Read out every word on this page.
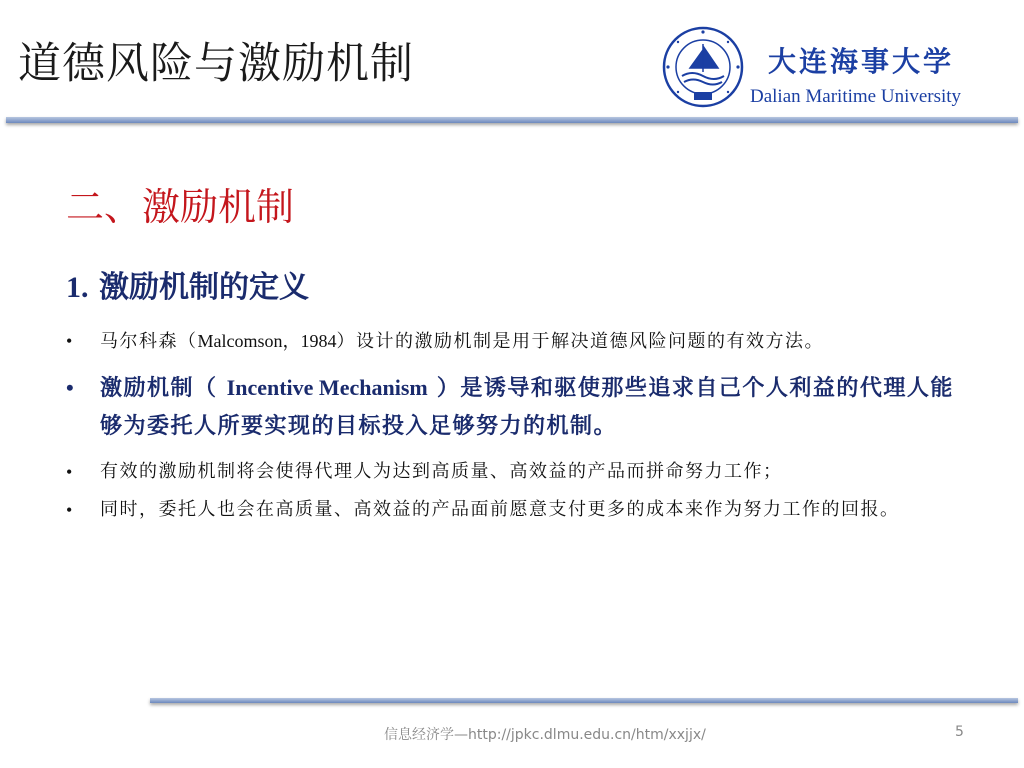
道德风险与激励机制	大连海事大学
Dalian Maritime University
二、激励机制
1. 激励机制的定义
• 马尔科森（Malcomson，1984）设计的激励机制是用于解决道德风险问题的有效方法。
• 激励机制（ Incentive Mechanism ）是诱导和驱使那些追求自己个人利益的代理人能够为委托人所要实现的目标投入足够努力的机制。
• 有效的激励机制将会使得代理人为达到高质量、高效益的产品而拼命努力工作；
• 同时，委托人也会在高质量、高效益的产品面前愿意支付更多的成本来作为努力工作的回报。
信息经济学—http://jpkc.dlmu.edu.cn/htm/xxjjx/	5
